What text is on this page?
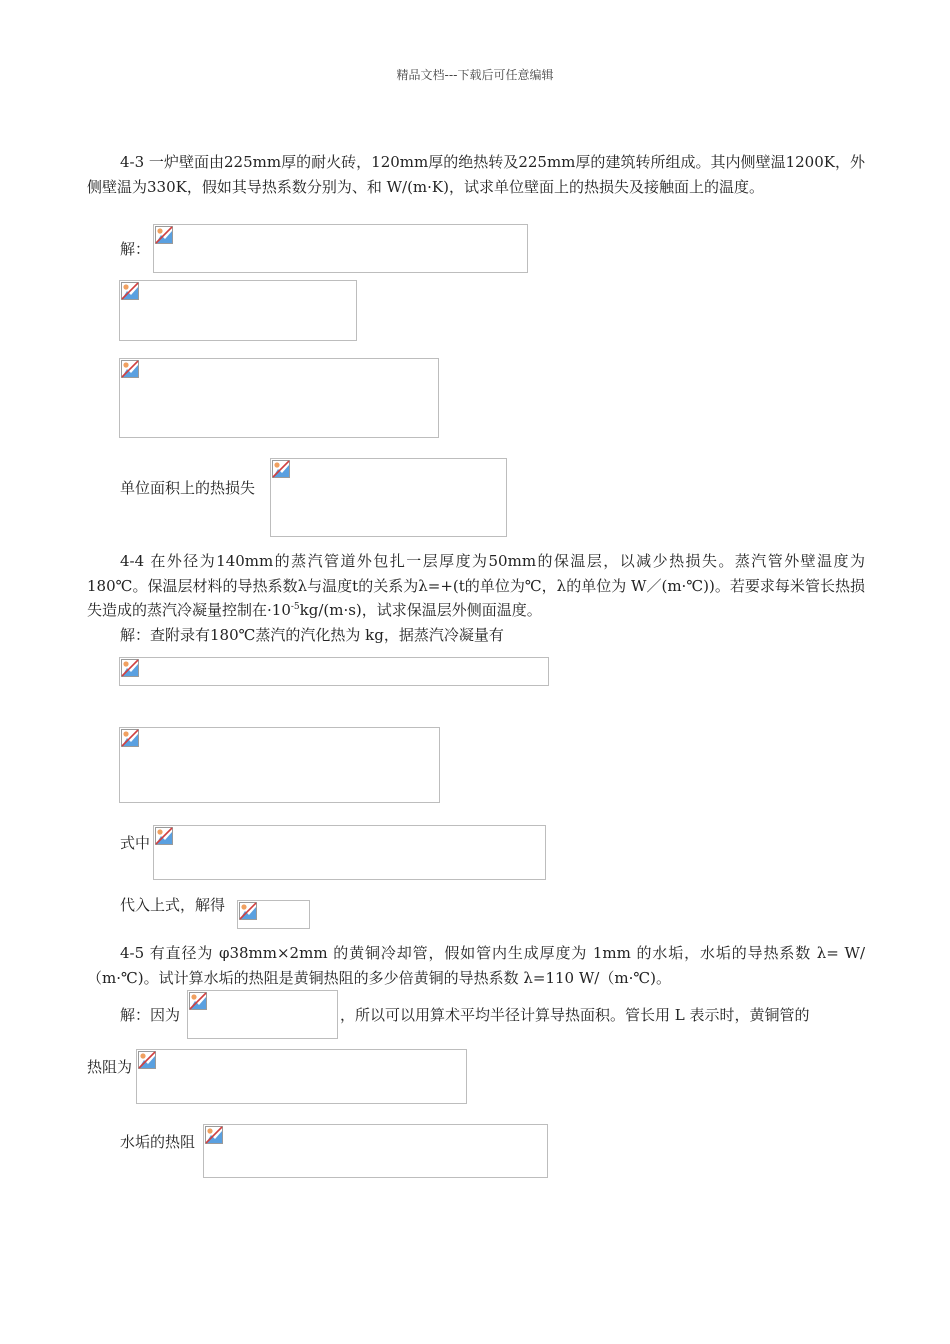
精品文档---下载后可任意编辑

4-3 一炉壁面由225mm厚的耐火砖，120mm厚的绝热转及225mm厚的建筑转所组成。其内侧壁温1200K，外侧壁温为330K，假如其导热系数分别为、和 W/(m·K)，试求单位壁面上的热损失及接触面上的温度。

解：
单位面积上的热损失

4-4 在外径为140mm的蒸汽管道外包扎一层厚度为50mm的保温层，以减少热损失。蒸汽管外壁温度为180℃。保温层材料的导热系数λ与温度t的关系为λ=+(t的单位为℃，λ的单位为 W／(m·℃))。若要求每米管长热损失造成的蒸汽冷凝量控制在$\cdot 10^{-5}kg/(m\cdot s)$，试求保温层外侧面温度。

解：查附录有180℃蒸汽的汽化热为 kg，据蒸汽冷凝量有
式中
代入上式，解得

4-5 有直径为 φ38mm×2mm 的黄铜冷却管，假如管内生成厚度为 1mm 的水垢，水垢的导热系数 λ= W/（m·℃)。试计算水垢的热阻是黄铜热阻的多少倍黄铜的导热系数 λ=110 W/（m·℃)。

解：因为	，所以可以用算术平均半径计算导热面积。管长用 L 表示时，黄铜管的
热阻为
水垢的热阻
